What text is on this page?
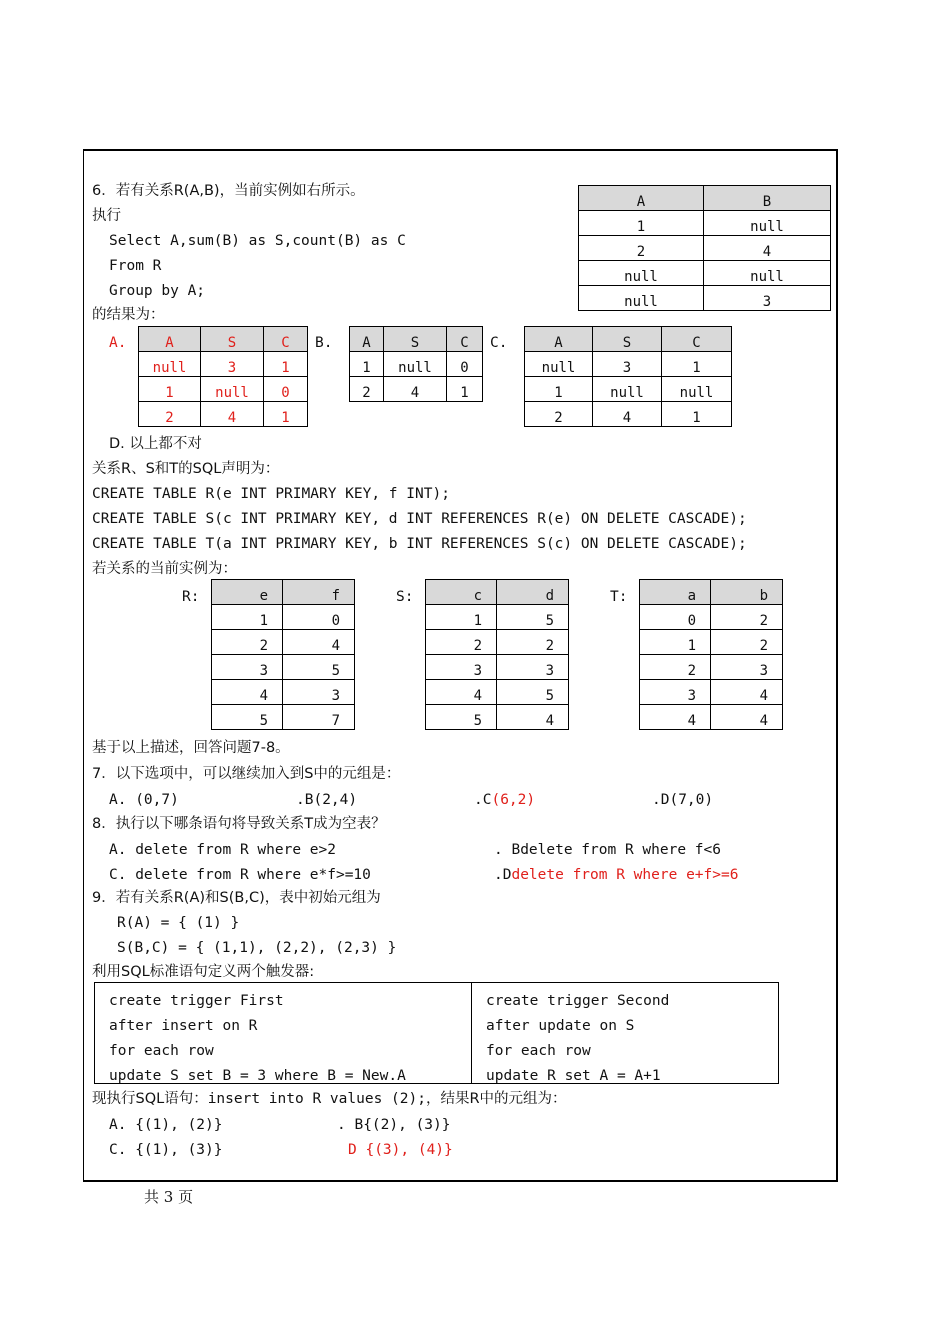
6．若有关系R(A,B)，当前实例如右所示。
执行
Select A,sum(B) as S,count(B) as C
From R
Group by A;
的结果为：
A	B
1	null
2	4
null	null
null	3
A.	A	S	C
null	3	1
1	null	0
2	4	1
B. A	S	C
1	null	0
2	4	1
C.	A	S	C
null	3	1
1	null	null
2	4	1
D. 以上都不对
关系R、S和T的SQL声明为：
CREATE TABLE R(e INT PRIMARY KEY, f INT);
CREATE TABLE S(c INT PRIMARY KEY, d INT REFERENCES R(e) ON DELETE CASCADE);
CREATE TABLE T(a INT PRIMARY KEY, b INT REFERENCES S(c) ON DELETE CASCADE);
若关系的当前实例为：
R:	e	f
1	0
2	4
3	5
4	3
5	7
S:	c	d
1	5
2	2
3	3
4	5
5	4
T:	a	b
0	2
1	2
2	3
3	4
4	4
基于以上描述，回答问题7-8。
7．以下选项中，可以继续加入到S中的元组是：
A. (0,7)	.B(2,4)	.C(6,2)	.D(7,0)
8．执行以下哪条语句将导致关系T成为空表？
A. delete from R where e>2	. Bdelete from R where f<6
C. delete from R where e*f>=10	.Ddelete from R where e+f>=6
9．若有关系R(A)和S(B,C)，表中初始元组为
R(A) = { (1) }
S(B,C) = { (1,1), (2,2), (2,3) }
利用SQL标准语句定义两个触发器:
create trigger First
after insert on R
for each row
update S set B = 3 where B = New.A
create trigger Second
after update on S
for each row
update R set A = A+1
现执行SQL语句：insert into R values (2);，结果R中的元组为：
A. {(1), (2)}	. B{(2), (3)}
C. {(1), (3)}	D {(3), (4)}
共 3 页
